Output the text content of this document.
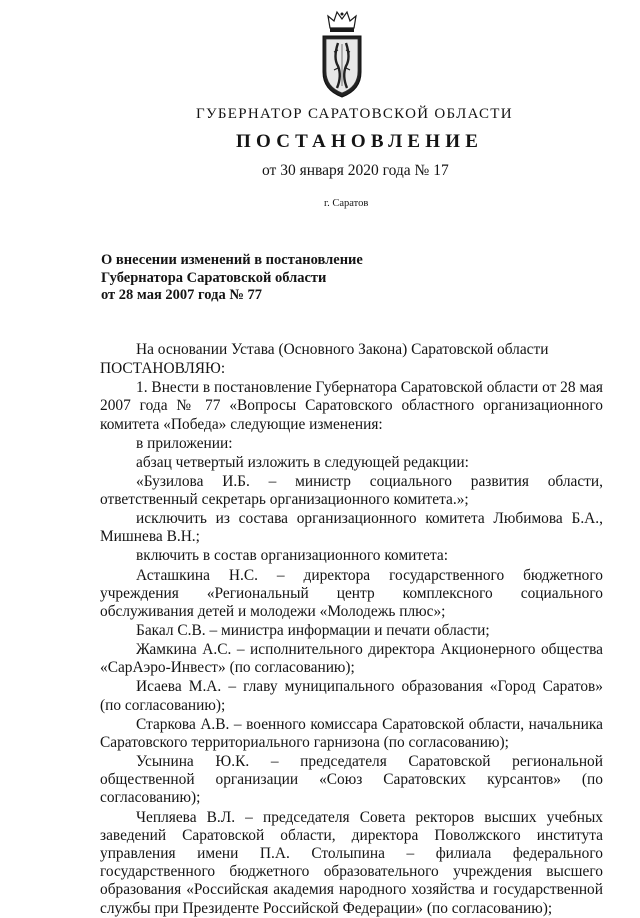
ГУБЕРНАТОР САРАТОВСКОЙ ОБЛАСТИ
ПОСТАНОВЛЕНИЕ
от 30 января 2020 года № 17
г. Саратов
О внесении изменений в постановление
Губернатора Саратовской области
от 28 мая 2007 года № 77

На основании Устава (Основного Закона) Саратовской области

ПОСТАНОВЛЯЮ:

1. Внести в постановление Губернатора Саратовской области от 28 мая 2007 года № 77 «Вопросы Саратовского областного организационного комитета «Победа» следующие изменения:

в приложении:

абзац четвертый изложить в следующей редакции:

«Бузилова И.Б. – министр социального развития области, ответственный секретарь организационного комитета.»;

исключить из состава организационного комитета Любимова Б.А., Мишнева В.Н.;

включить в состав организационного комитета:

Асташкина Н.С. – директора государственного бюджетного учреждения «Региональный центр комплексного социального обслуживания детей и молодежи «Молодежь плюс»;

Бакал С.В. – министра информации и печати области;

Жамкина А.С. – исполнительного директора Акционерного общества «СарАэро-Инвест» (по согласованию);

Исаева М.А. – главу муниципального образования «Город Саратов» (по согласованию);

Старкова А.В. – военного комиссара Саратовской области, начальника Саратовского территориального гарнизона (по согласованию);

Усынина Ю.К. – председателя Саратовской региональной общественной организации «Союз Саратовских курсантов» (по согласованию);

Чепляева В.Л. – председателя Совета ректоров высших учебных заведений Саратовской области, директора Поволжского института управления имени П.А. Столыпина – филиала федерального государственного бюджетного образовательного учреждения высшего образования «Российская академия народного хозяйства и государственной службы при Президенте Российской Федерации» (по согласованию);
